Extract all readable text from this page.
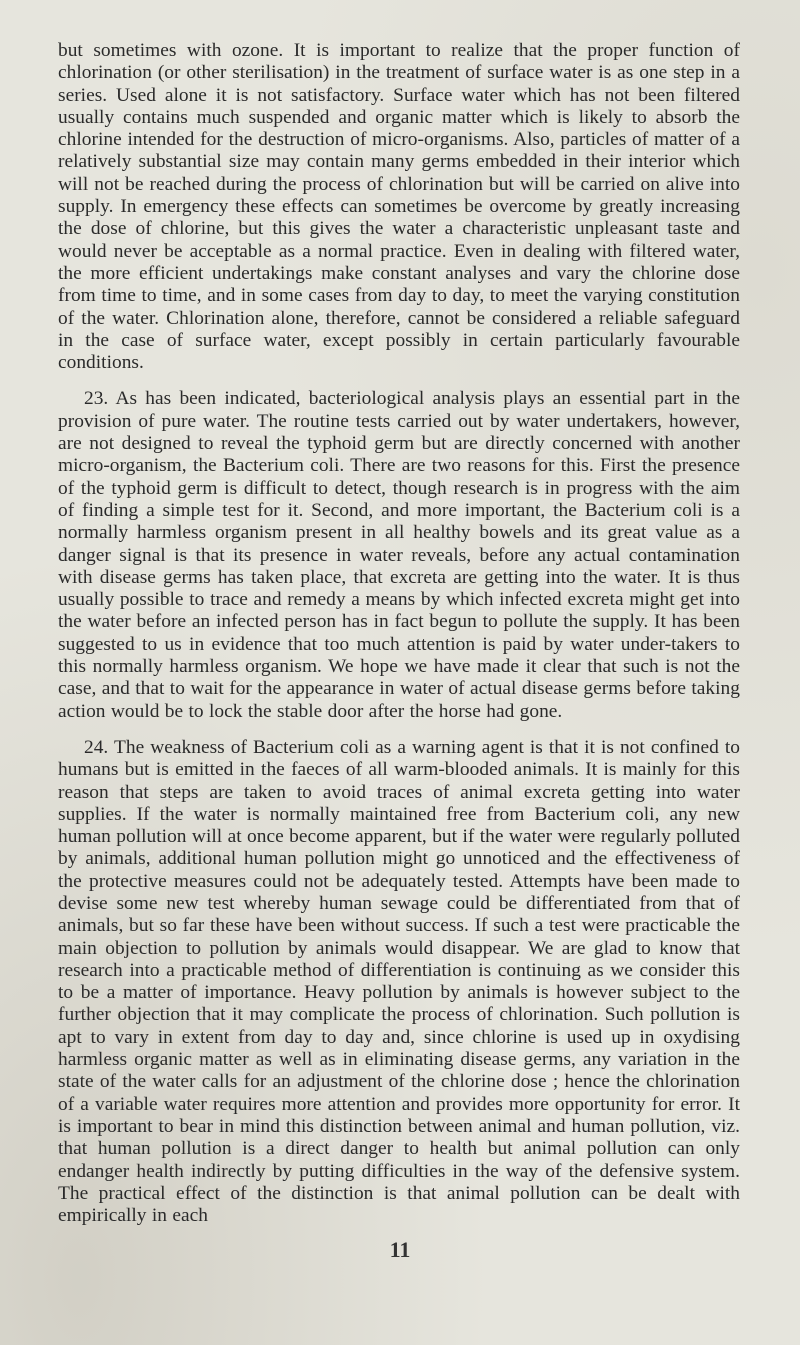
but sometimes with ozone. It is important to realize that the proper function of chlorination (or other sterilisation) in the treatment of surface water is as one step in a series. Used alone it is not satisfactory. Surface water which has not been filtered usually contains much suspended and organic matter which is likely to absorb the chlorine intended for the destruction of micro-organisms. Also, particles of matter of a relatively substantial size may contain many germs embedded in their interior which will not be reached during the process of chlorination but will be carried on alive into supply. In emergency these effects can sometimes be overcome by greatly increasing the dose of chlorine, but this gives the water a characteristic unpleasant taste and would never be acceptable as a normal practice. Even in dealing with filtered water, the more efficient undertakings make constant analyses and vary the chlorine dose from time to time, and in some cases from day to day, to meet the varying constitution of the water. Chlorination alone, therefore, cannot be considered a reliable safeguard in the case of surface water, except possibly in certain particularly favourable conditions.

23. As has been indicated, bacteriological analysis plays an essential part in the provision of pure water. The routine tests carried out by water undertakers, however, are not designed to reveal the typhoid germ but are directly concerned with another micro-organism, the Bacterium coli. There are two reasons for this. First the presence of the typhoid germ is difficult to detect, though research is in progress with the aim of finding a simple test for it. Second, and more important, the Bacterium coli is a normally harmless organism present in all healthy bowels and its great value as a danger signal is that its presence in water reveals, before any actual contamination with disease germs has taken place, that excreta are getting into the water. It is thus usually possible to trace and remedy a means by which infected excreta might get into the water before an infected person has in fact begun to pollute the supply. It has been suggested to us in evidence that too much attention is paid by water under-takers to this normally harmless organism. We hope we have made it clear that such is not the case, and that to wait for the appearance in water of actual disease germs before taking action would be to lock the stable door after the horse had gone.

24. The weakness of Bacterium coli as a warning agent is that it is not confined to humans but is emitted in the faeces of all warm-blooded animals. It is mainly for this reason that steps are taken to avoid traces of animal excreta getting into water supplies. If the water is normally maintained free from Bacterium coli, any new human pollution will at once become apparent, but if the water were regularly polluted by animals, additional human pollution might go unnoticed and the effectiveness of the protective measures could not be adequately tested. Attempts have been made to devise some new test whereby human sewage could be differentiated from that of animals, but so far these have been without success. If such a test were practicable the main objection to pollution by animals would disappear. We are glad to know that research into a practicable method of differentiation is continuing as we consider this to be a matter of importance. Heavy pollution by animals is however subject to the further objection that it may complicate the process of chlorination. Such pollution is apt to vary in extent from day to day and, since chlorine is used up in oxydising harmless organic matter as well as in eliminating disease germs, any variation in the state of the water calls for an adjustment of the chlorine dose ; hence the chlorination of a variable water requires more attention and provides more opportunity for error. It is important to bear in mind this distinction between animal and human pollution, viz. that human pollution is a direct danger to health but animal pollution can only endanger health indirectly by putting difficulties in the way of the defensive system. The practical effect of the distinction is that animal pollution can be dealt with empirically in each

11
